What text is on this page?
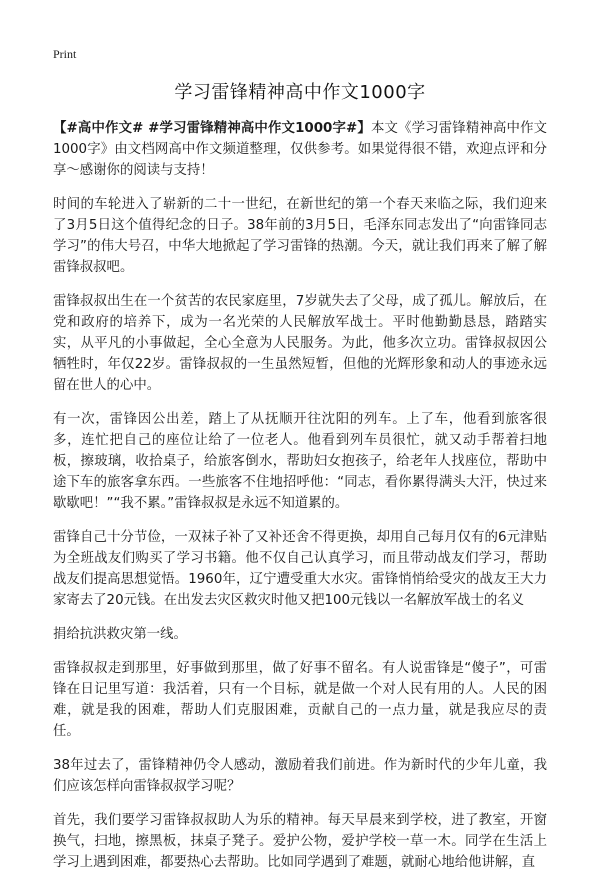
Print
学习雷锋精神高中作文1000字

【#高中作文# #学习雷锋精神高中作文1000字#】本文《学习雷锋精神高中作文1000字》由文档网高中作文频道整理，仅供参考。如果觉得很不错，欢迎点评和分享～感谢你的阅读与支持！

时间的车轮进入了崭新的二十一世纪，在新世纪的第一个春天来临之际，我们迎来了3月5日这个值得纪念的日子。38年前的3月5日，毛泽东同志发出了“向雷锋同志学习”的伟大号召，中华大地掀起了学习雷锋的热潮。今天，就让我们再来了解了解雷锋叔叔吧。

雷锋叔叔出生在一个贫苦的农民家庭里，7岁就失去了父母，成了孤儿。解放后，在党和政府的培养下，成为一名光荣的人民解放军战士。平时他勤勤恳恳，踏踏实实，从平凡的小事做起，全心全意为人民服务。为此，他多次立功。雷锋叔叔因公牺牲时，年仅22岁。雷锋叔叔的一生虽然短暂，但他的光辉形象和动人的事迹永远留在世人的心中。

有一次，雷锋因公出差，踏上了从抚顺开往沈阳的列车。上了车，他看到旅客很多，连忙把自己的座位让给了一位老人。他看到列车员很忙，就又动手帮着扫地板，擦玻璃，收拾桌子，给旅客倒水，帮助妇女抱孩子，给老年人找座位，帮助中途下车的旅客拿东西。一些旅客不住地招呼他：“同志，看你累得满头大汗，快过来歇歇吧！”“我不累。”雷锋叔叔是永远不知道累的。

雷锋自己十分节俭，一双袜子补了又补还舍不得更换，却用自己每月仅有的6元津贴为全班战友们购买了学习书籍。他不仅自己认真学习，而且带动战友们学习，帮助战友们提高思想觉悟。1960年，辽宁遭受重大水灾。雷锋悄悄给受灾的战友王大力家寄去了20元钱。在出发去灾区救灾时他又把100元钱以一名解放军战士的名义

捐给抗洪救灾第一线。

雷锋叔叔走到那里，好事做到那里，做了好事不留名。有人说雷锋是“傻子”，可雷锋在日记里写道：我活着，只有一个目标，就是做一个对人民有用的人。人民的困难，就是我的困难，帮助人们克服困难，贡献自己的一点力量，就是我应尽的责任。

38年过去了，雷锋精神仍令人感动，激励着我们前进。作为新时代的少年儿童，我们应该怎样向雷锋叔叔学习呢？

首先，我们要学习雷锋叔叔助人为乐的精神。每天早晨来到学校，进了教室，开窗换气，扫地，擦黑板，抹桌子凳子。爱护公物，爱护学校一草一木。同学在生活上学习上遇到困难，都要热心去帮助。比如同学遇到了难题，就耐心地给他讲解，直
